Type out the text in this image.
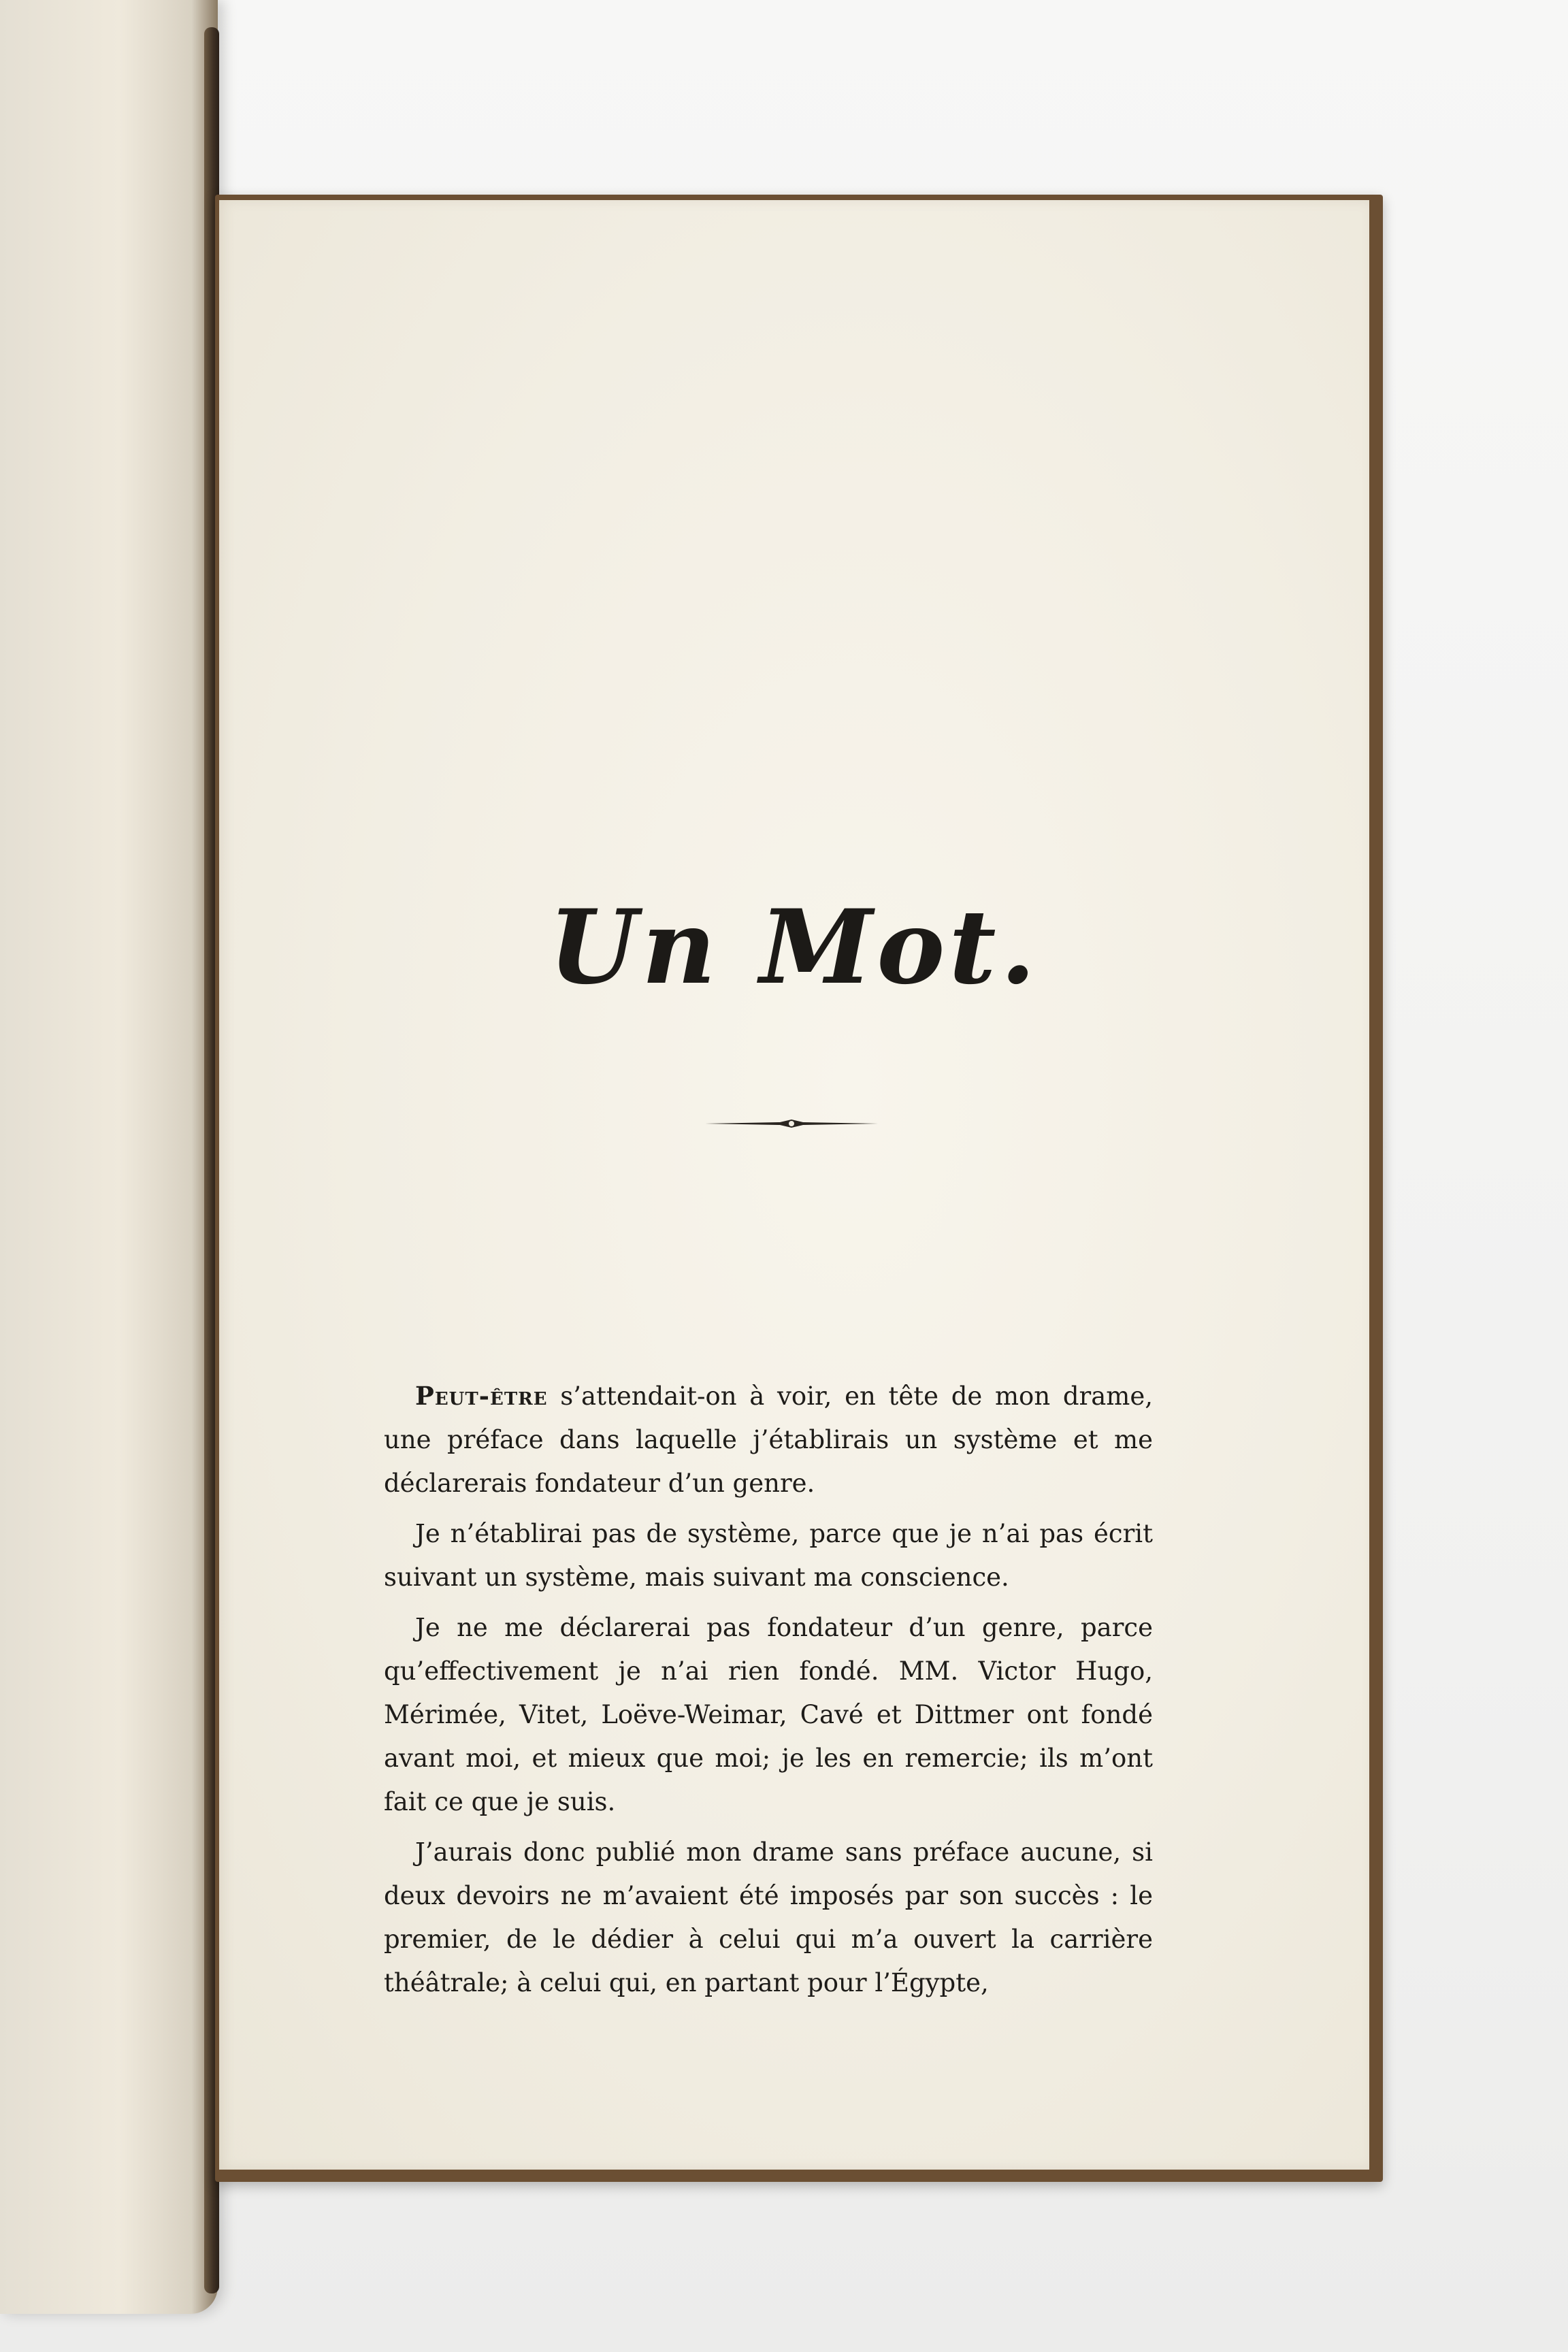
Un Mot.

Peut-être s’attendait-on à voir, en tête de mon drame, une préface dans laquelle j’établirais un système et me déclarerais fondateur d’un genre.

Je n’établirai pas de système, parce que je n’ai pas écrit suivant un système, mais suivant ma conscience.

Je ne me déclarerai pas fondateur d’un genre, parce qu’effectivement je n’ai rien fondé. MM. Victor Hugo, Mérimée, Vitet, Loëve-Weimar, Cavé et Dittmer ont fondé avant moi, et mieux que moi; je les en remercie; ils m’ont fait ce que je suis.

J’aurais donc publié mon drame sans préface aucune, si deux devoirs ne m’avaient été imposés par son succès : le premier, de le dédier à celui qui m’a ouvert la carrière théâtrale; à celui qui, en partant pour l’Égypte,
